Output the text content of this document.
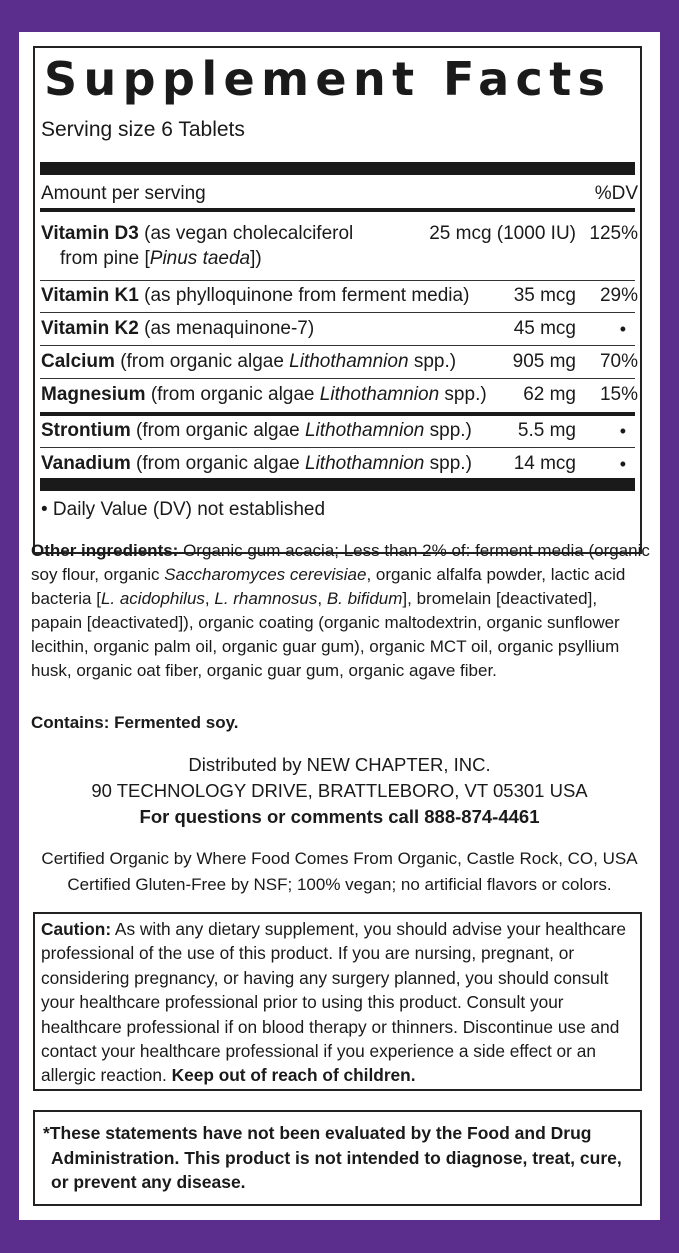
Supplement Facts
Serving size 6 Tablets
Amount per serving	%DV
Vitamin D3 (as vegan cholecalciferol
from pine [Pinus taeda])
25 mcg (1000 IU) 125%
Vitamin K1 (as phylloquinone from ferment media) 35 mcg 29%
Vitamin K2 (as menaquinone-7)	45 mcg •
Calcium (from organic algae Lithothamnion spp.)	905 mg 70%
Magnesium (from organic algae Lithothamnion spp.) 62 mg 15%
Strontium (from organic algae Lithothamnion spp.) 5.5 mg •
Vanadium (from organic algae Lithothamnion spp.) 14 mcg •
• Daily Value (DV) not established
Other ingredients: Organic gum acacia; Less than 2% of: ferment media (organic soy flour, organic Saccharomyces cerevisiae, organic alfalfa powder, lactic acid bacteria [L. acidophilus, L. rhamnosus, B. bifidum], bromelain [deactivated], papain [deactivated]), organic coating (organic maltodextrin, organic sunflower lecithin, organic palm oil, organic guar gum), organic MCT oil, organic psyllium husk, organic oat fiber, organic guar gum, organic agave fiber.
Contains: Fermented soy.
Distributed by NEW CHAPTER, INC.
90 TECHNOLOGY DRIVE, BRATTLEBORO, VT 05301 USA
For questions or comments call 888-874-4461
Certified Organic by Where Food Comes From Organic, Castle Rock, CO, USA
Certified Gluten-Free by NSF; 100% vegan; no artificial flavors or colors.
Caution: As with any dietary supplement, you should advise your healthcare professional of the use of this product. If you are nursing, pregnant, or considering pregnancy, or having any surgery planned, you should consult your healthcare professional prior to using this product. Consult your healthcare professional if on blood therapy or thinners. Discontinue use and contact your healthcare professional if you experience a side effect or an allergic reaction. Keep out of reach of children.
*These statements have not been evaluated by the Food and Drug
Administration. This product is not intended to diagnose, treat, cure,
or prevent any disease.
